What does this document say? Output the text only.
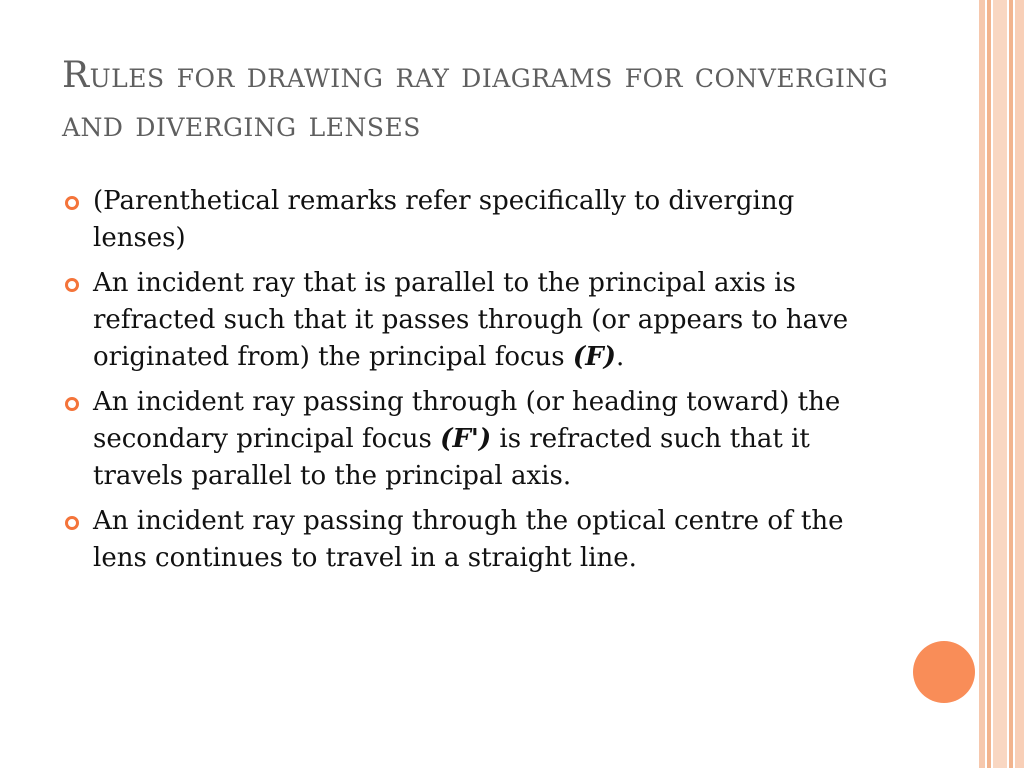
Rules for drawing ray diagrams for converging and diverging lenses
(Parenthetical remarks refer specifically to diverging lenses)
An incident ray that is parallel to the principal axis is refracted such that it passes through (or appears to have originated from) the principal focus (F).
An incident ray passing through (or heading toward) the secondary principal focus (F') is refracted such that it travels parallel to the principal axis.
An incident ray passing through the optical centre of the lens continues to travel in a straight line.
